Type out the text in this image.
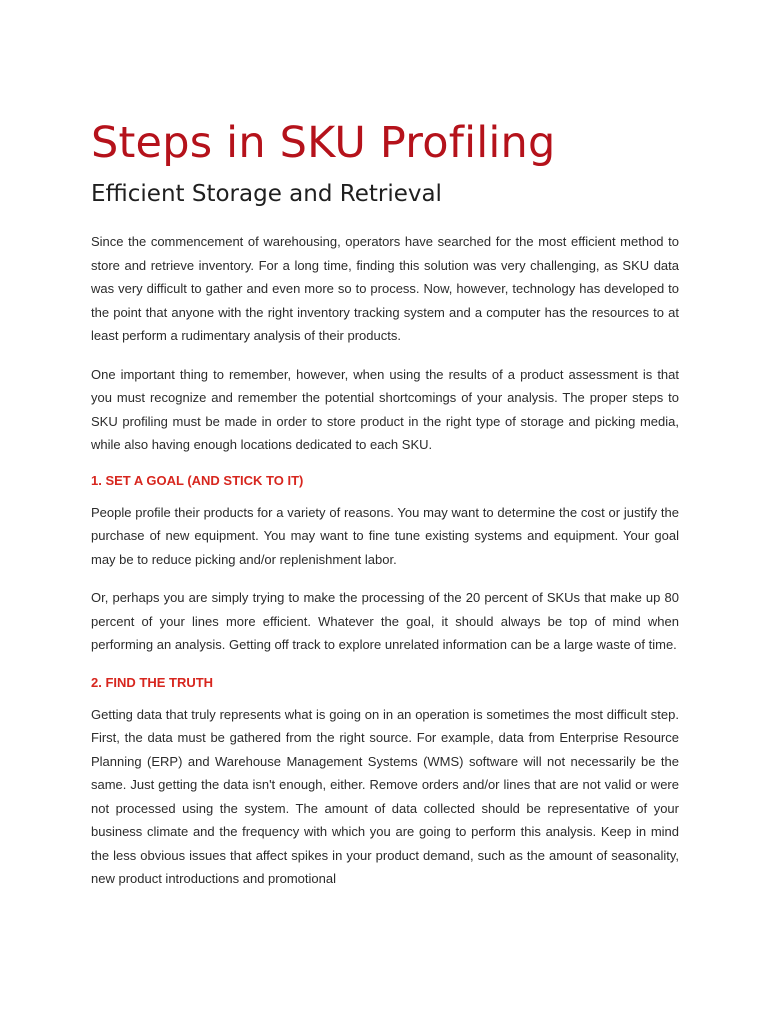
Steps in SKU Profiling
Efficient Storage and Retrieval

Since the commencement of warehousing, operators have searched for the most efficient method to store and retrieve inventory. For a long time, finding this solution was very challenging, as SKU data was very difficult to gather and even more so to process. Now, however, technology has developed to the point that anyone with the right inventory tracking system and a computer has the resources to at least perform a rudimentary analysis of their products.

One important thing to remember, however, when using the results of a product assessment is that you must recognize and remember the potential shortcomings of your analysis. The proper steps to SKU profiling must be made in order to store product in the right type of storage and picking media, while also having enough locations dedicated to each SKU.

1. SET A GOAL (AND STICK TO IT)

People profile their products for a variety of reasons. You may want to determine the cost or justify the purchase of new equipment. You may want to fine tune existing systems and equipment. Your goal may be to reduce picking and/or replenishment labor.

Or, perhaps you are simply trying to make the processing of the 20 percent of SKUs that make up 80 percent of your lines more efficient. Whatever the goal, it should always be top of mind when performing an analysis. Getting off track to explore unrelated information can be a large waste of time.

2. FIND THE TRUTH

Getting data that truly represents what is going on in an operation is sometimes the most difficult step. First, the data must be gathered from the right source. For example, data from Enterprise Resource Planning (ERP) and Warehouse Management Systems (WMS) software will not necessarily be the same. Just getting the data isn't enough, either. Remove orders and/or lines that are not valid or were not processed using the system. The amount of data collected should be representative of your business climate and the frequency with which you are going to perform this analysis. Keep in mind the less obvious issues that affect spikes in your product demand, such as the amount of seasonality, new product introductions and promotional
